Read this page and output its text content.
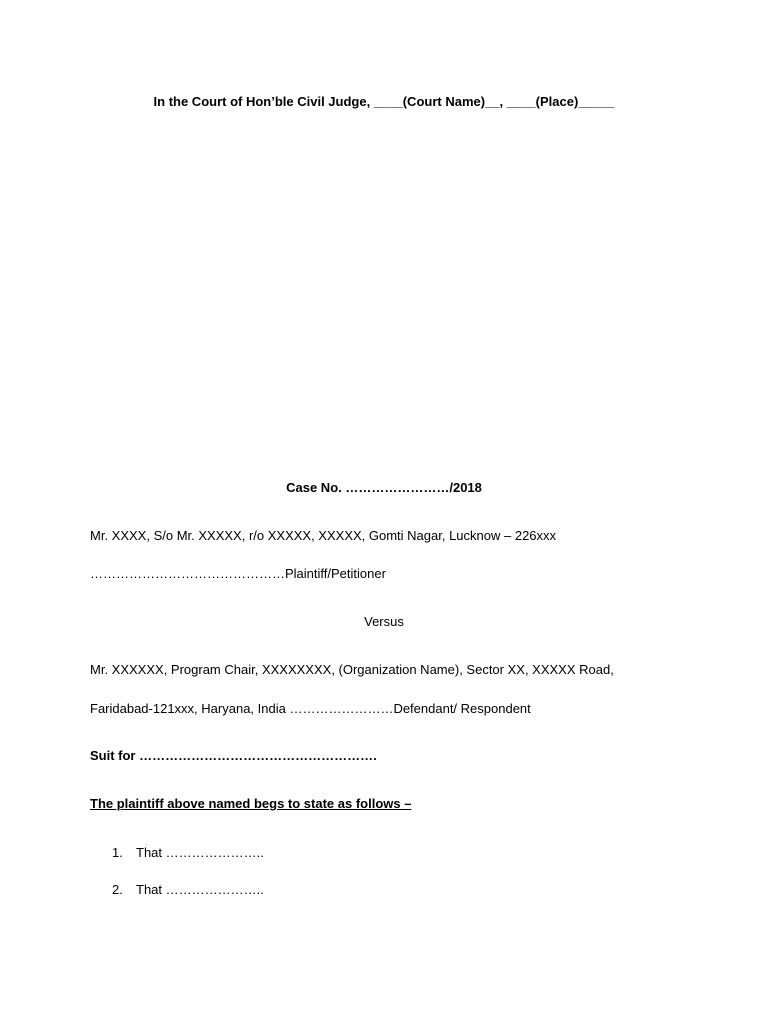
In the Court of Hon’ble Civil Judge, ____(Court Name)__, ____(Place)_____
Case No. ……………………/2018
Mr. XXXX, S/o Mr. XXXXX, r/o XXXXX, XXXXX, Gomti Nagar, Lucknow – 226xxx
………………………………………Plaintiff/Petitioner
Versus
Mr. XXXXXX, Program Chair, XXXXXXXX, (Organization Name), Sector XX, XXXXX Road,
Faridabad-121xxx, Haryana, India ……………………Defendant/ Respondent
Suit for ……………………………………………….
The plaintiff above named begs to state as follows –
1. That …………………..
2. That …………………..
